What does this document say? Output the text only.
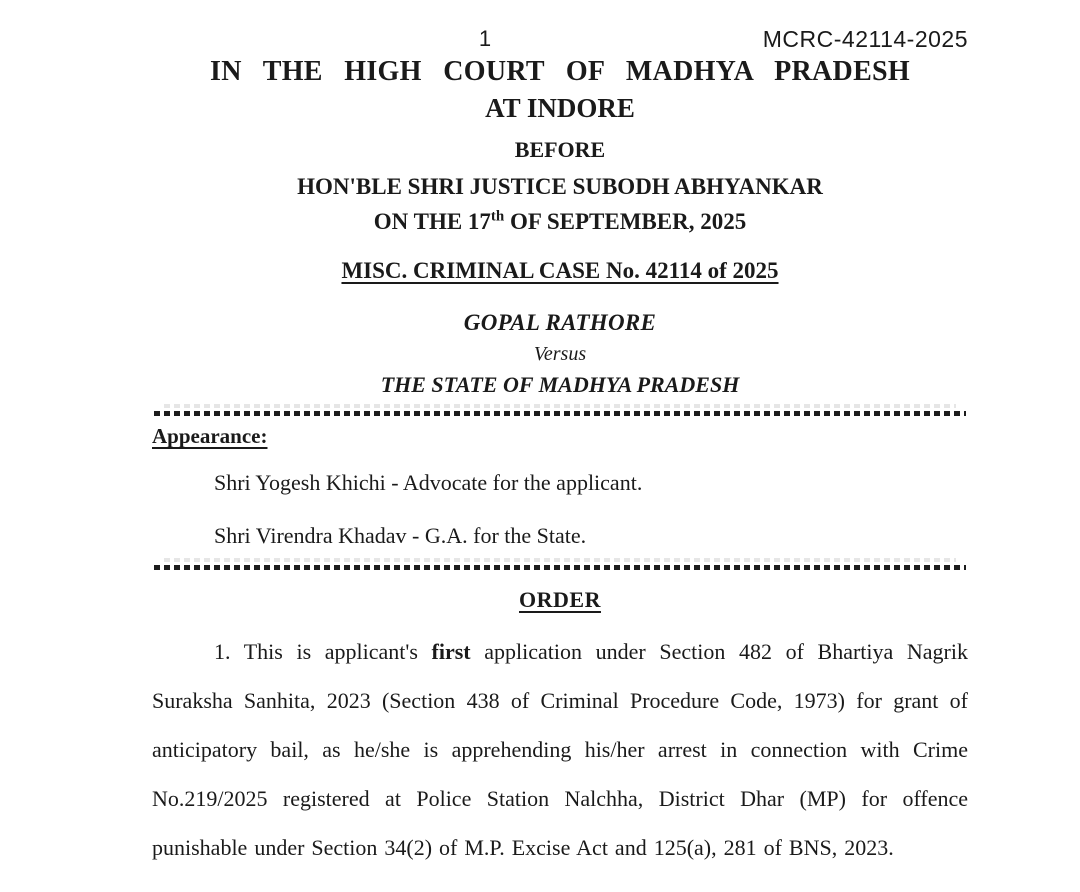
1	MCRC-42114-2025
IN THE HIGH COURT OF MADHYA PRADESH
AT INDORE
BEFORE
HON'BLE SHRI JUSTICE SUBODH ABHYANKAR
ON THE 17th OF SEPTEMBER, 2025
MISC. CRIMINAL CASE No. 42114 of 2025
GOPAL RATHORE
Versus
THE STATE OF MADHYA PRADESH
Appearance:
Shri Yogesh Khichi - Advocate for the applicant.
Shri Virendra Khadav - G.A. for the State.
ORDER

1. This is applicant's first application under Section 482 of Bhartiya Nagrik Suraksha Sanhita, 2023 (Section 438 of Criminal Procedure Code, 1973) for grant of anticipatory bail, as he/she is apprehending his/her arrest in connection with Crime No.219/2025 registered at Police Station Nalchha, District Dhar (MP) for offence punishable under Section 34(2) of M.P. Excise Act and 125(a), 281 of BNS, 2023.
